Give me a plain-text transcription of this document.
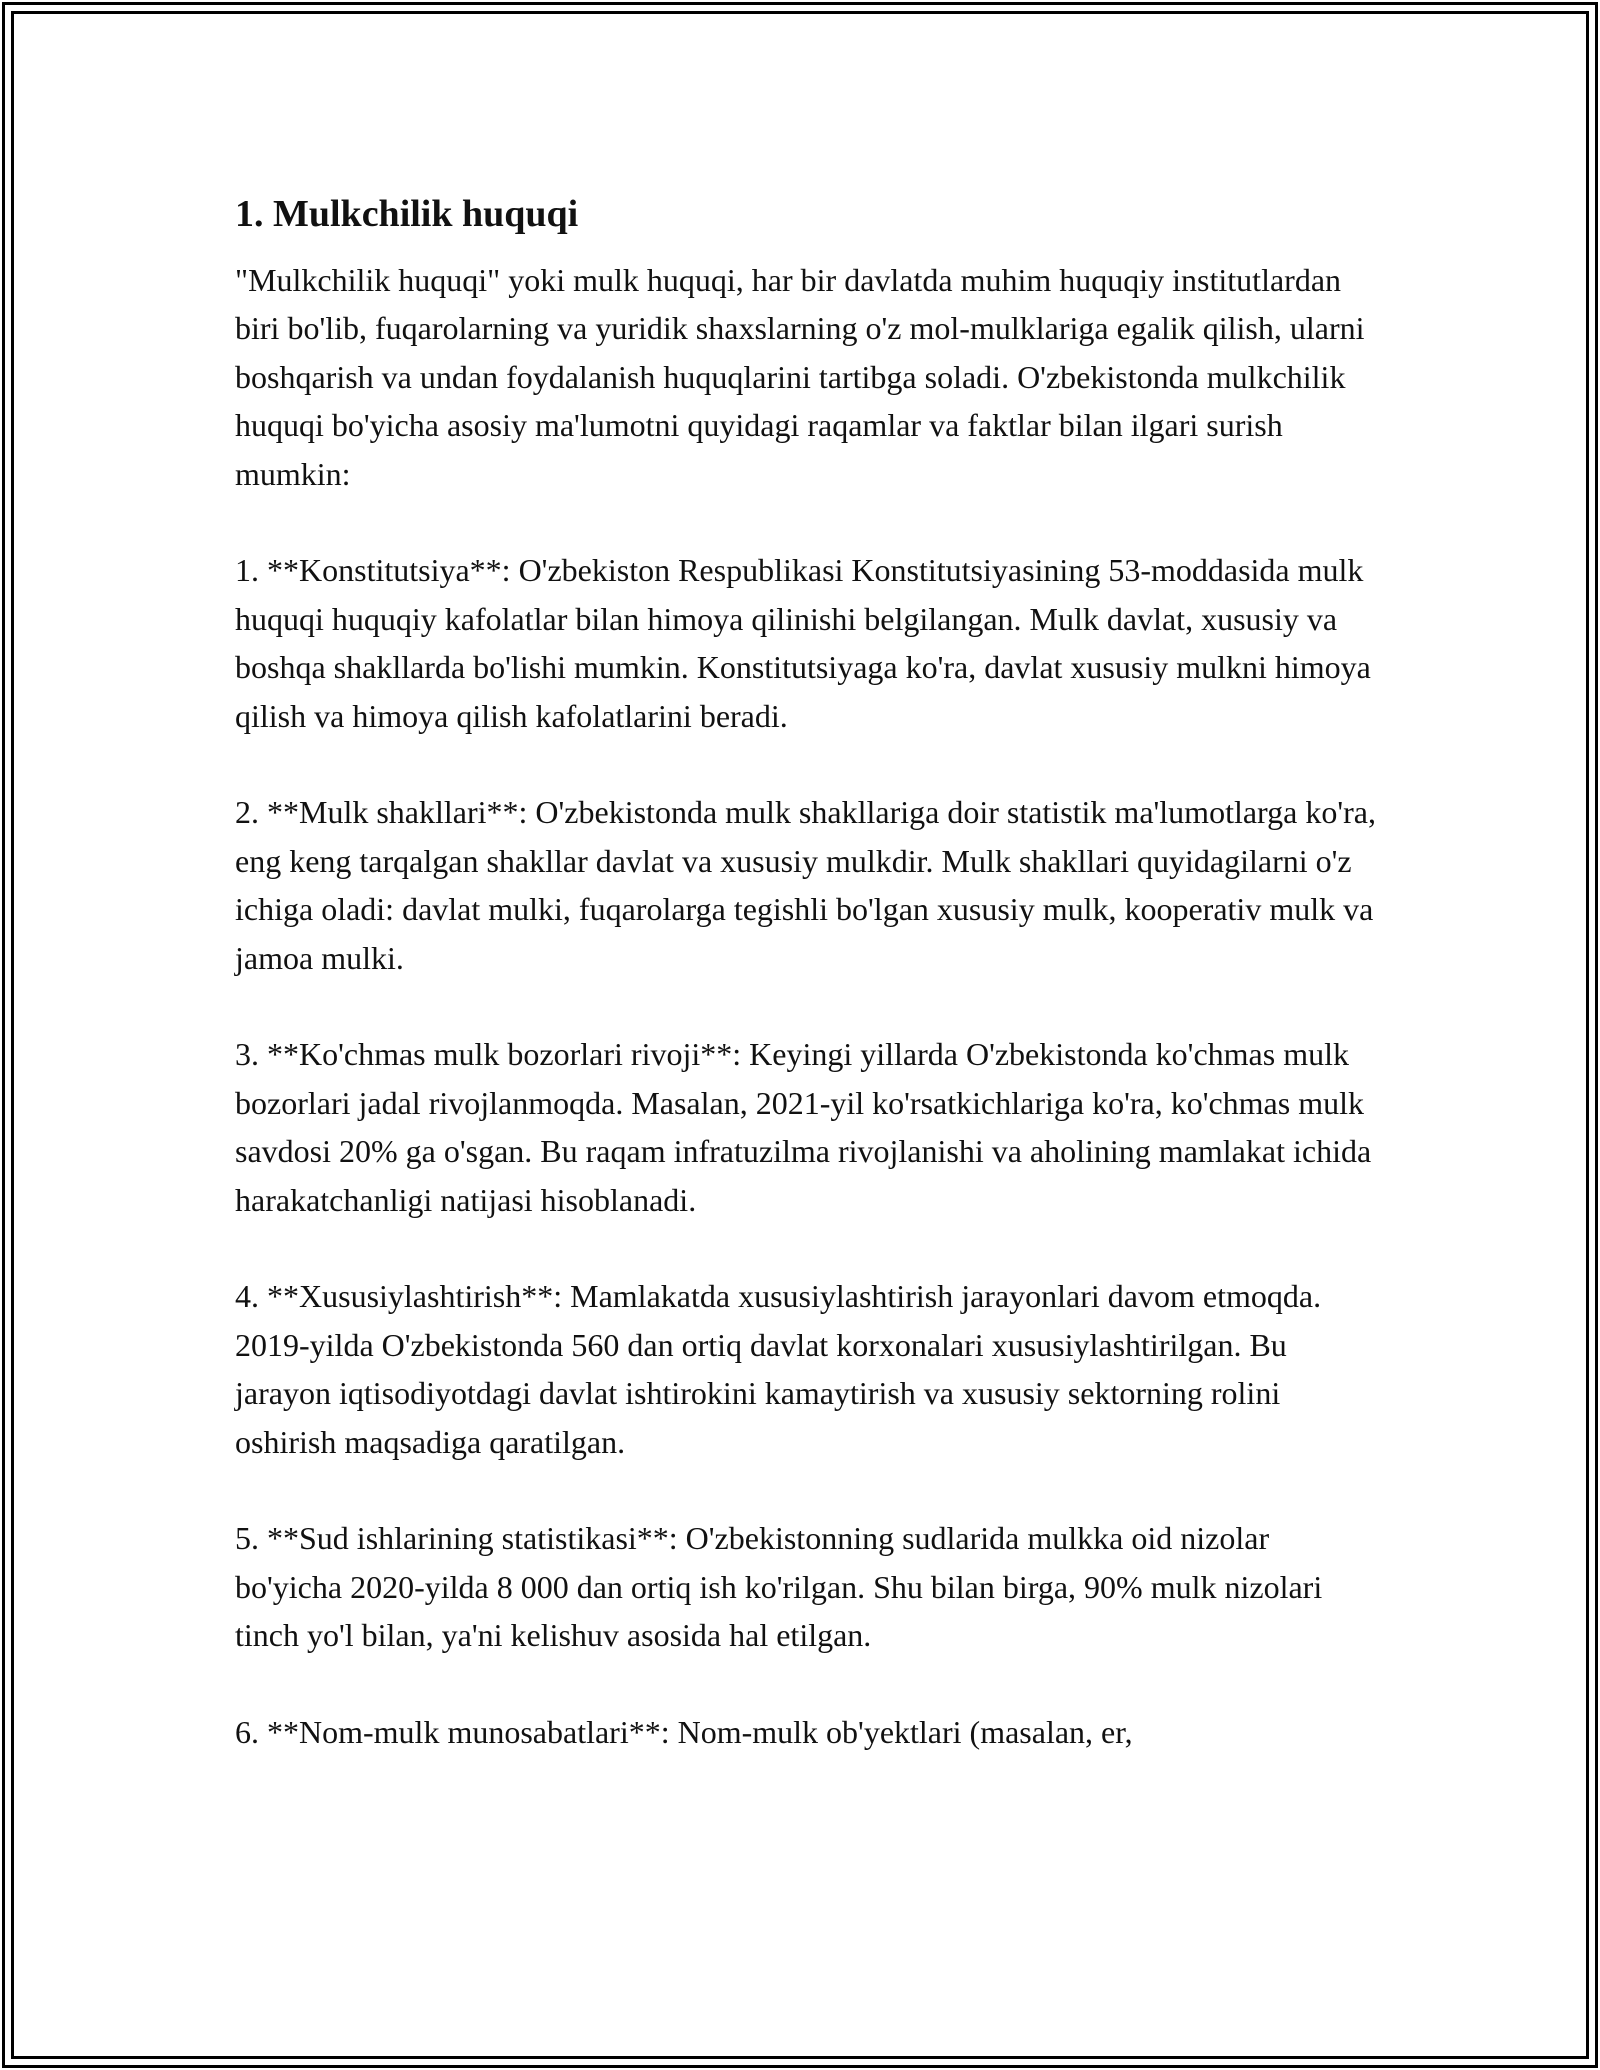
1. Mulkchilik huquqi

"Mulkchilik huquqi" yoki mulk huquqi, har bir davlatda muhim huquqiy institutlardan biri bo'lib, fuqarolarning va yuridik shaxslarning o'z mol-mulklariga egalik qilish, ularni boshqarish va undan foydalanish huquqlarini tartibga soladi. O'zbekistonda mulkchilik huquqi bo'yicha asosiy ma'lumotni quyidagi raqamlar va faktlar bilan ilgari surish mumkin:

1. **Konstitutsiya**: O'zbekiston Respublikasi Konstitutsiyasining 53-moddasida mulk huquqi huquqiy kafolatlar bilan himoya qilinishi belgilangan. Mulk davlat, xususiy va boshqa shakllarda bo'lishi mumkin. Konstitutsiyaga ko'ra, davlat xususiy mulkni himoya qilish va himoya qilish kafolatlarini beradi.

2. **Mulk shakllari**: O'zbekistonda mulk shakllariga doir statistik ma'lumotlarga ko'ra, eng keng tarqalgan shakllar davlat va xususiy mulkdir. Mulk shakllari quyidagilarni o'z ichiga oladi: davlat mulki, fuqarolarga tegishli bo'lgan xususiy mulk, kooperativ mulk va jamoa mulki.

3. **Ko'chmas mulk bozorlari rivoji**: Keyingi yillarda O'zbekistonda ko'chmas mulk bozorlari jadal rivojlanmoqda. Masalan, 2021-yil ko'rsatkichlariga ko'ra, ko'chmas mulk savdosi 20% ga o'sgan. Bu raqam infratuzilma rivojlanishi va aholining mamlakat ichida harakatchanligi natijasi hisoblanadi.

4. **Xususiylashtirish**: Mamlakatda xususiylashtirish jarayonlari davom etmoqda. 2019-yilda O'zbekistonda 560 dan ortiq davlat korxonalari xususiylashtirilgan. Bu jarayon iqtisodiyotdagi davlat ishtirokini kamaytirish va xususiy sektorning rolini oshirish maqsadiga qaratilgan.

5. **Sud ishlarining statistikasi**: O'zbekistonning sudlarida mulkka oid nizolar bo'yicha 2020-yilda 8 000 dan ortiq ish ko'rilgan. Shu bilan birga, 90% mulk nizolari tinch yo'l bilan, ya'ni kelishuv asosida hal etilgan.

6. **Nom-mulk munosabatlari**: Nom-mulk ob'yektlari (masalan, er,
